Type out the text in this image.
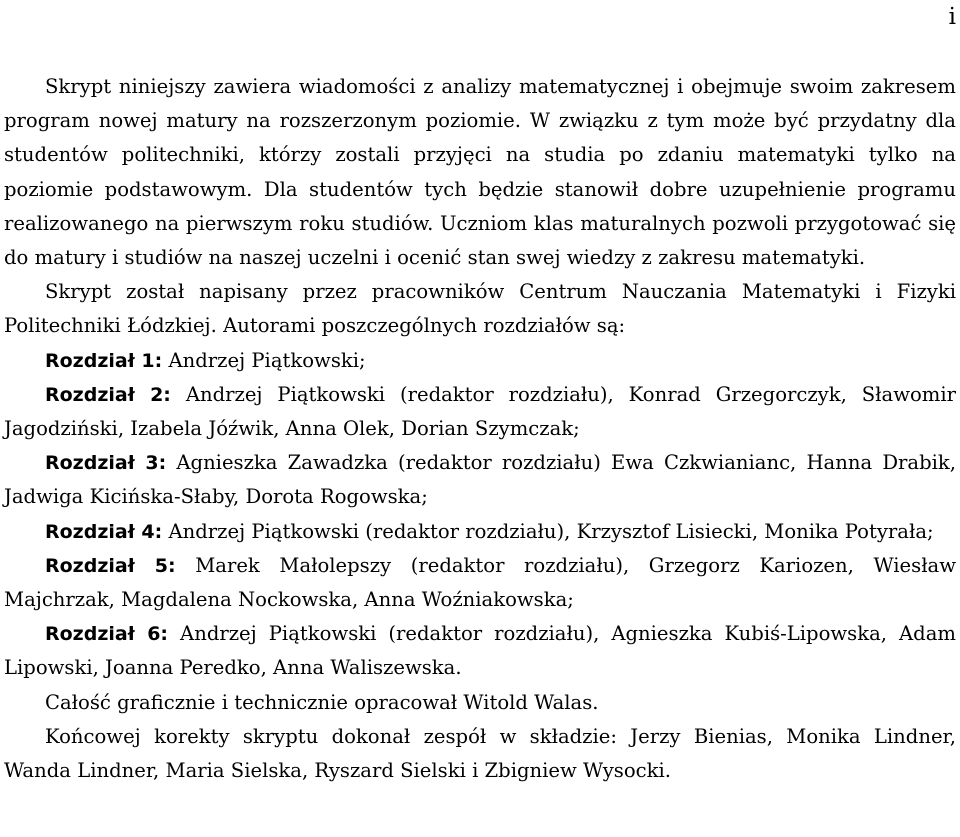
i

Skrypt niniejszy zawiera wiadomości z analizy matematycznej i obejmuje swoim zakresem program nowej matury na rozszerzonym poziomie. W związku z tym może być przydatny dla studentów politechniki, którzy zostali przyjęci na studia po zdaniu matematyki tylko na poziomie podstawowym. Dla studentów tych będzie stanowił dobre uzupełnienie programu realizowanego na pierwszym roku studiów. Uczniom klas maturalnych pozwoli przygotować się do matury i studiów na naszej uczelni i ocenić stan swej wiedzy z zakresu matematyki.

Skrypt został napisany przez pracowników Centrum Nauczania Matematyki i Fizyki Politechniki Łódzkiej. Autorami poszczególnych rozdziałów są:

Rozdział 1: Andrzej Piątkowski;

Rozdział 2: Andrzej Piątkowski (redaktor rozdziału), Konrad Grzegorczyk, Sławomir Jagodziński, Izabela Jóźwik, Anna Olek, Dorian Szymczak;

Rozdział 3: Agnieszka Zawadzka (redaktor rozdziału) Ewa Czkwianianc, Hanna Drabik, Jadwiga Kicińska-Słaby, Dorota Rogowska;

Rozdział 4: Andrzej Piątkowski (redaktor rozdziału), Krzysztof Lisiecki, Monika Potyrała;

Rozdział 5: Marek Małolepszy (redaktor rozdziału), Grzegorz Kariozen, Wiesław Majchrzak, Magdalena Nockowska, Anna Woźniakowska;

Rozdział 6: Andrzej Piątkowski (redaktor rozdziału), Agnieszka Kubiś-Lipowska, Adam Lipowski, Joanna Peredko, Anna Waliszewska.

Całość graficznie i technicznie opracował Witold Walas.

Końcowej korekty skryptu dokonał zespół w składzie: Jerzy Bienias, Monika Lindner, Wanda Lindner, Maria Sielska, Ryszard Sielski i Zbigniew Wysocki.
